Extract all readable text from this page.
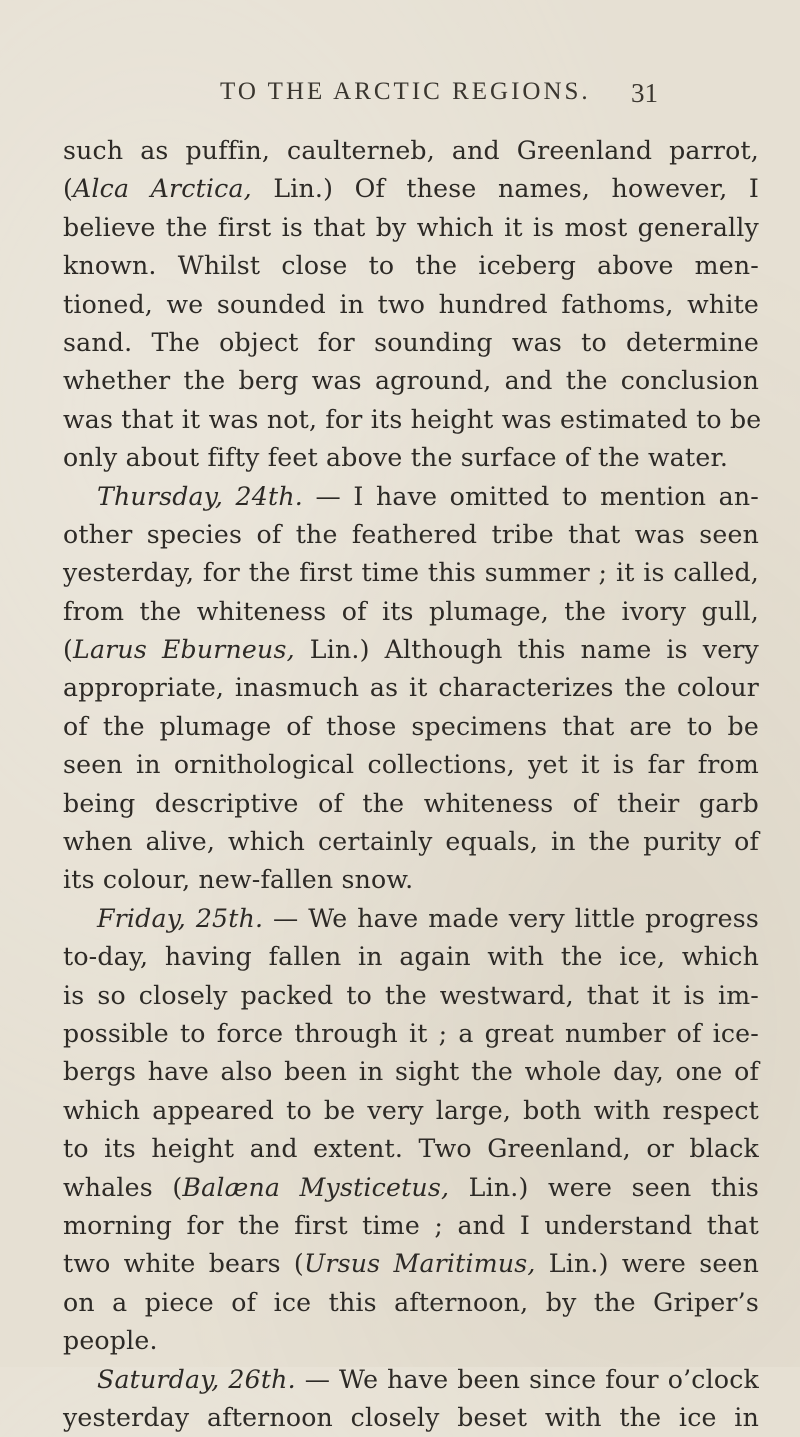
TO THE ARCTIC REGIONS. 31
such as puffin, caulterneb, and Greenland parrot,
(Alca Arctica, Lin.) Of these names, however, I
believe the first is that by which it is most generally
known. Whilst close to the iceberg above men-
tioned, we sounded in two hundred fathoms, white
sand. The object for sounding was to determine
whether the berg was aground, and the conclusion
was that it was not, for its height was estimated to be
only about fifty feet above the surface of the water.
Thursday, 24th. — I have omitted to mention an-
other species of the feathered tribe that was seen
yesterday, for the first time this summer ; it is called,
from the whiteness of its plumage, the ivory gull,
(Larus Eburneus, Lin.) Although this name is very
appropriate, inasmuch as it characterizes the colour
of the plumage of those specimens that are to be
seen in ornithological collections, yet it is far from
being descriptive of the whiteness of their garb
when alive, which certainly equals, in the purity of
its colour, new-fallen snow.
Friday, 25th. — We have made very little progress
to-day, having fallen in again with the ice, which
is so closely packed to the westward, that it is im-
possible to force through it ; a great number of ice-
bergs have also been in sight the whole day, one of
which appeared to be very large, both with respect
to its height and extent. Two Greenland, or black
whales (Balæna Mysticetus, Lin.) were seen this
morning for the first time ; and I understand that
two white bears (Ursus Maritimus, Lin.) were seen
on a piece of ice this afternoon, by the Griper’s
people.
Saturday, 26th. — We have been since four o’clock
yesterday afternoon closely beset with the ice in
